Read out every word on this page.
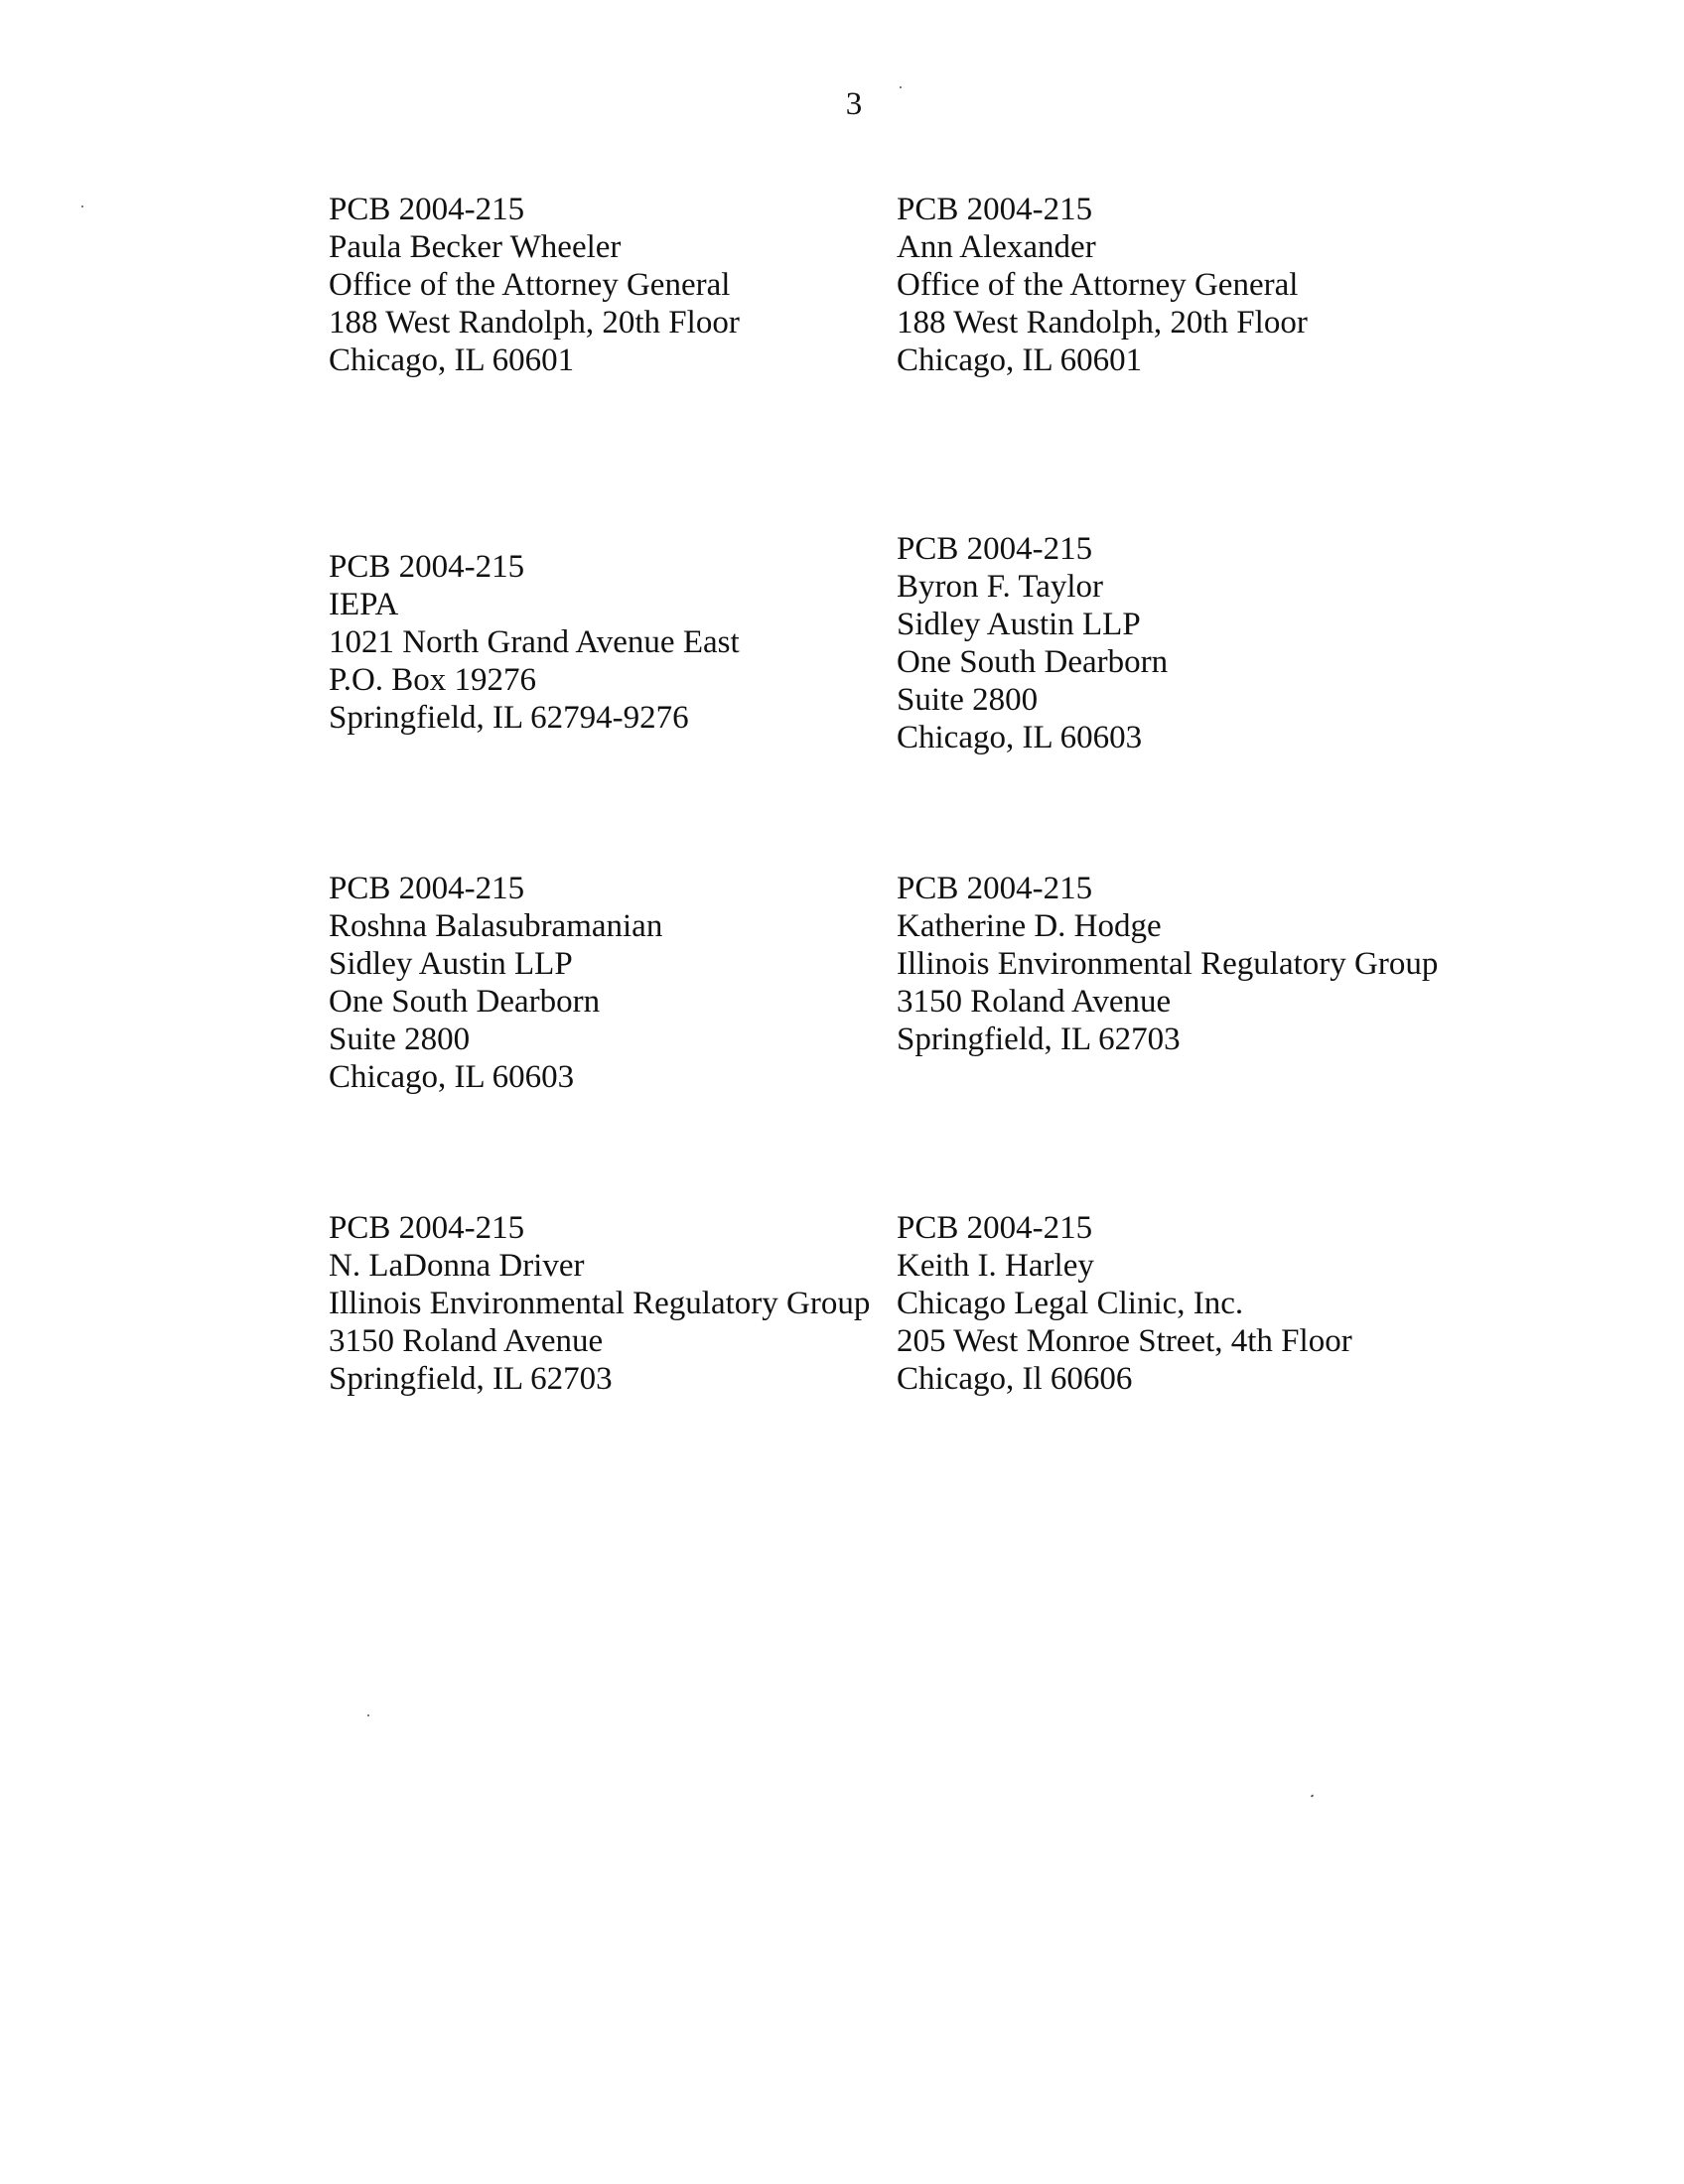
3
PCB 2004-215
Paula Becker Wheeler
Office of the Attorney General
188 West Randolph, 20th Floor
Chicago, IL 60601
PCB 2004-215
Ann Alexander
Office of the Attorney General
188 West Randolph, 20th Floor
Chicago, IL 60601
PCB 2004-215
IEPA
1021 North Grand Avenue East
P.O. Box 19276
Springfield, IL 62794-9276
PCB 2004-215
Byron F. Taylor
Sidley Austin LLP
One South Dearborn
Suite 2800
Chicago, IL 60603
PCB 2004-215
Roshna Balasubramanian
Sidley Austin LLP
One South Dearborn
Suite 2800
Chicago, IL 60603
PCB 2004-215
Katherine D. Hodge
Illinois Environmental Regulatory Group
3150 Roland Avenue
Springfield, IL 62703
PCB 2004-215
N. LaDonna Driver
Illinois Environmental Regulatory Group
3150 Roland Avenue
Springfield, IL 62703
PCB 2004-215
Keith I. Harley
Chicago Legal Clinic, Inc.
205 West Monroe Street, 4th Floor
Chicago, Il 60606
